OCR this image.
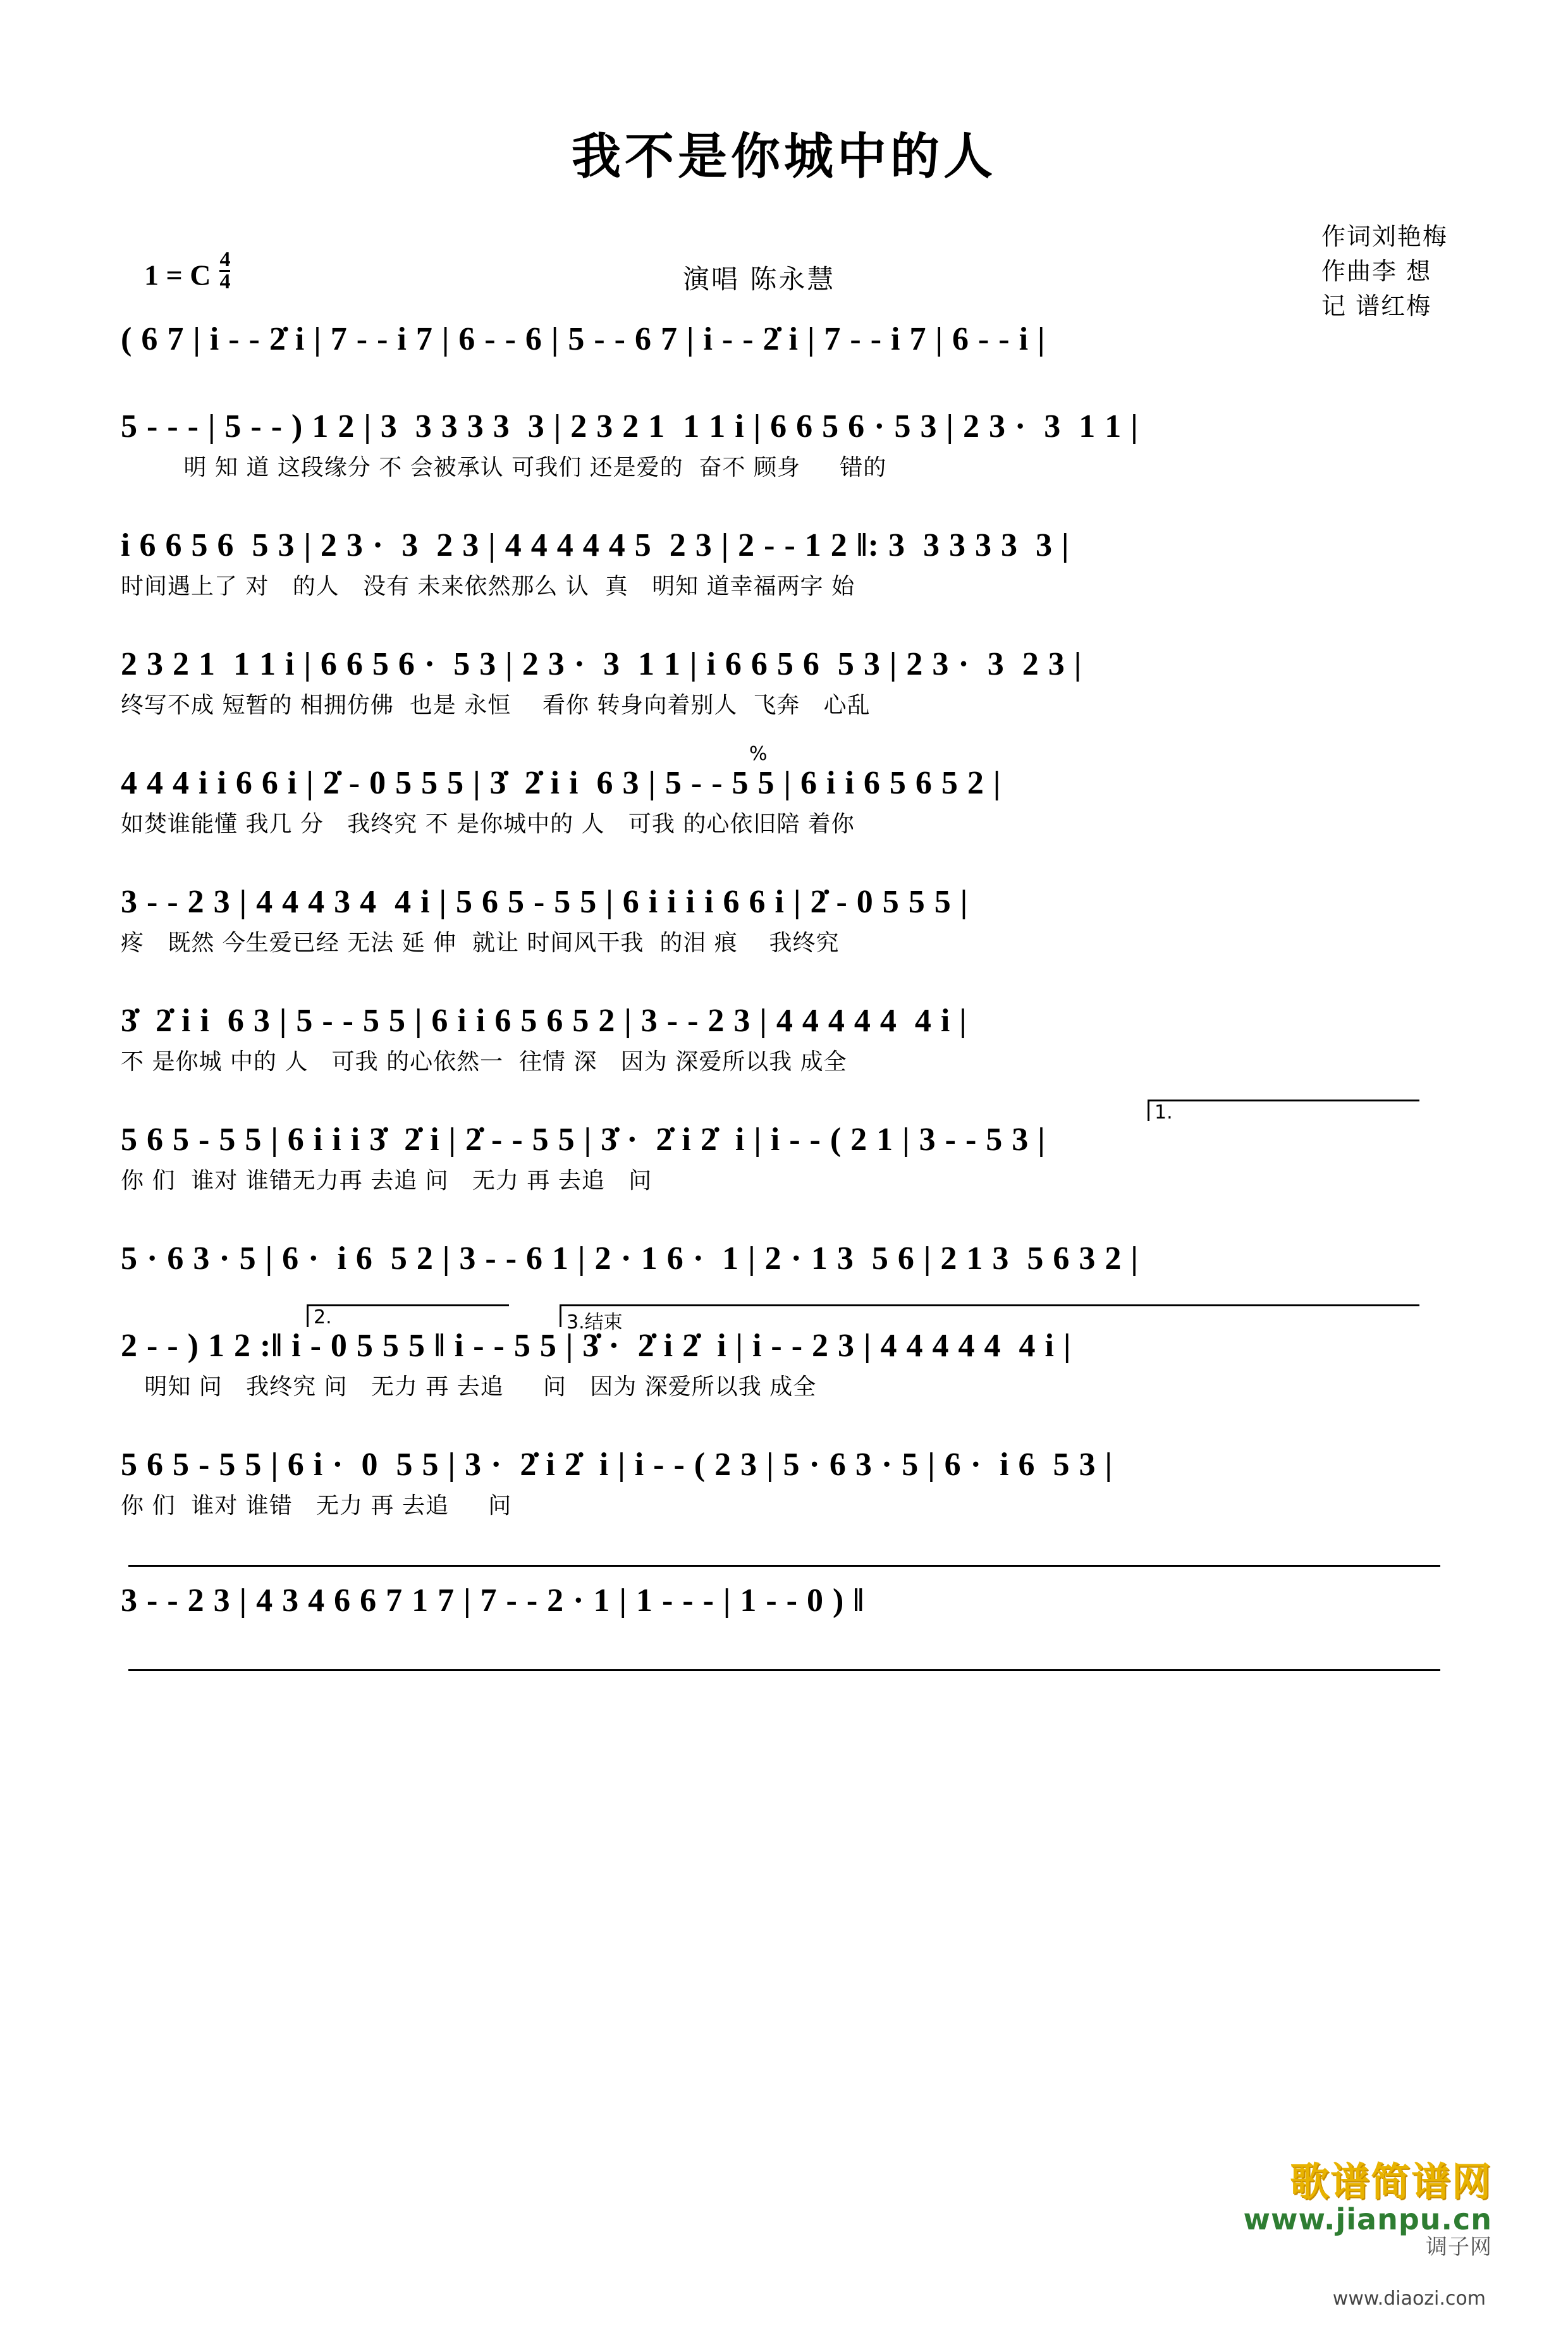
我不是你城中的人
1 = C $\frac{4}{4}$	演唱 陈永慧
作词刘艳梅
作曲李 想
记 谱红梅
( 6 7 | i - - 2̇ i | 7 - - i 7 | 6 - - 6 | 5 - - 6 7 | i - - 2̇ i | 7 - - i 7 | 6 - - i |
5 - - - | 5 - - ) 1 2 | 3  3 3 3 3  3 | 2 3 2 1  1 1 i | 6 6 5 6 · 5 3 | 2 3 ·  3  1 1 |
明 知 道 这段缘分 不 会被承认 可我们 还是爱的  奋不 顾身     错的
i 6 6 5 6  5 3 | 2 3 ·  3  2 3 | 4 4 4 4 4 5  2 3 | 2 - - 1 2 ‖: 3  3 3 3 3  3 |
时间遇上了 对   的人   没有 未来依然那么 认  真   明知 道幸福两字 始
2 3 2 1  1 1 i | 6 6 5 6 ·  5 3 | 2 3 ·  3  1 1 | i 6 6 5 6  5 3 | 2 3 ·  3  2 3 |
终写不成 短暂的 相拥仿佛  也是 永恒    看你 转身向着别人  飞奔   心乱
%
4 4 4 i i 6 6 i | 2̇ - 0 5 5 5 | 3̇  2̇ i i  6 3 | 5 - - 5 5 | 6 i i 6 5 6 5 2 |
如焚谁能懂 我几 分   我终究 不 是你城中的 人   可我 的心依旧陪 着你
3 - - 2 3 | 4 4 4 3 4  4 i | 5 6 5 - 5 5 | 6 i i i i 6 6 i | 2̇ - 0 5 5 5 |
疼   既然 今生爱已经 无法 延 伸  就让 时间风干我  的泪 痕    我终究
3̇  2̇ i i  6 3 | 5 - - 5 5 | 6 i i 6 5 6 5 2 | 3 - - 2 3 | 4 4 4 4 4  4 i |
不 是你城 中的 人   可我 的心依然一  往情 深   因为 深爱所以我 成全
1.
5 6 5 - 5 5 | 6 i i i 3̇  2̇ i | 2̇ - - 5 5 | 3̇ ·  2̇ i 2̇  i | i - - ( 2 1 | 3 - - 5 3 |
你 们  谁对 谁错无力再 去追 问   无力 再 去追   问
5 · 6 3 · 5 | 6 ·  i 6  5 2 | 3 - - 6 1 | 2 · 1 6 ·  1 | 2 · 1 3  5 6 | 2 1 3  5 6 3 2 |
2.	3.结束
2 - - ) 1 2 :‖ i - 0 5 5 5 ‖ i - - 5 5 | 3̇ ·  2̇ i 2̇  i | i - - 2 3 | 4 4 4 4 4  4 i |
明知 问   我终究 问   无力 再 去追     问   因为 深爱所以我 成全
5 6 5 - 5 5 | 6 i ·  0  5 5 | 3 ·  2̇ i 2̇  i | i - - ( 2 3 | 5 · 6 3 · 5 | 6 ·  i 6  5 3 |
你 们  谁对 谁错   无力 再 去追     问
3 - - 2 3 | 4 3 4 6 6 7 1 7 | 7 - - 2 · 1 | 1 - - - | 1 - - 0 ) ‖
歌谱简谱网
www.jianpu.cn
调子网
www.diaozi.com
